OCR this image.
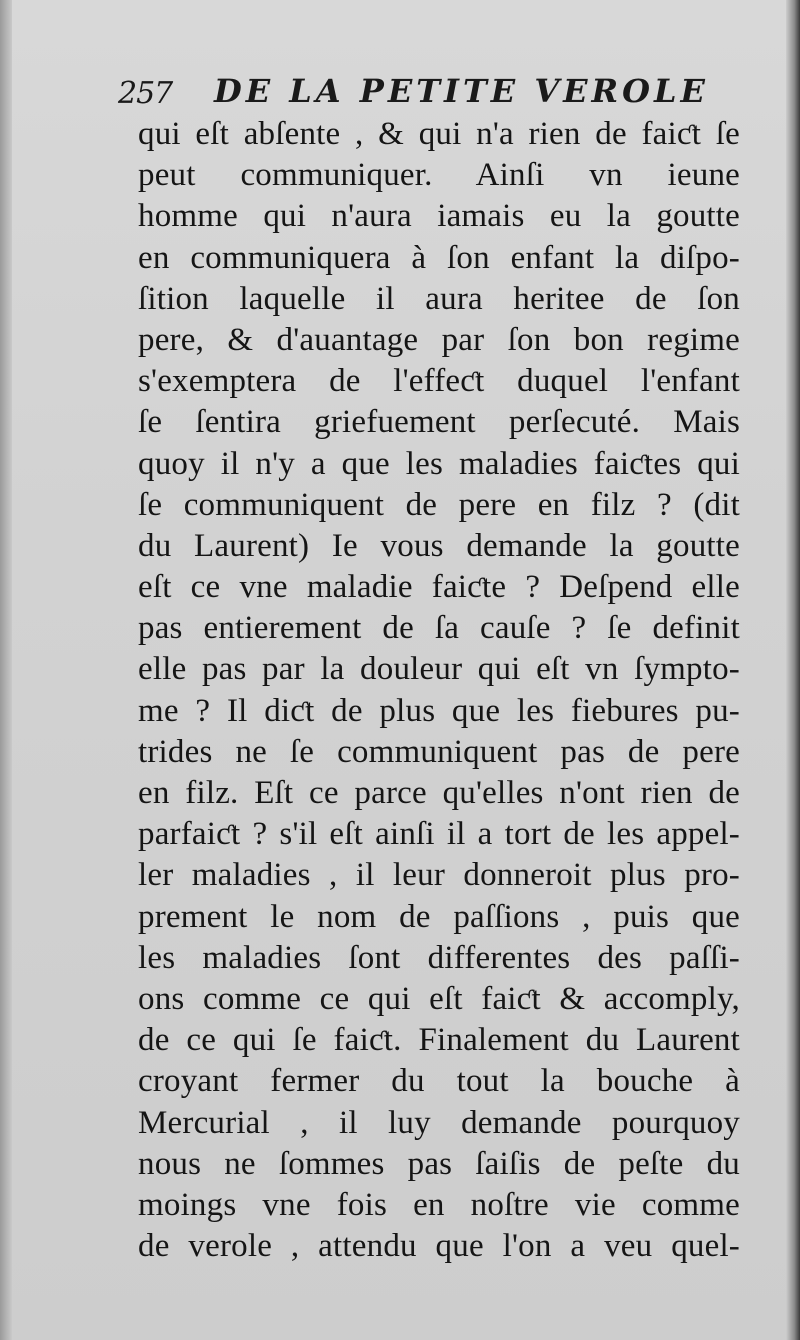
257 DE LA PETITE VEROLE
qui eſt abſente , & qui n'a rien de faiƈt ſe
peut communiquer. Ainſi vn ieune
homme qui n'aura iamais eu la goutte
en communiquera à ſon enfant la diſpo-
ſition laquelle il aura heritee de ſon
pere, & d'auantage par ſon bon regime
s'exemptera de l'effeƈt duquel l'enfant
ſe ſentira griefuement perſecuté. Mais
quoy il n'y a que les maladies faiƈtes qui
ſe communiquent de pere en filz ? (dit
du Laurent) Ie vous demande la goutte
eſt ce vne maladie faiƈte ? Deſpend elle
pas entierement de ſa cauſe ? ſe definit
elle pas par la douleur qui eſt vn ſympto-
me ? Il diƈt de plus que les fiebures pu-
trides ne ſe communiquent pas de pere
en filz. Eſt ce parce qu'elles n'ont rien de
parfaiƈt ? s'il eſt ainſi il a tort de les appel-
ler maladies , il leur donneroit plus pro-
prement le nom de paſſions , puis que
les maladies ſont differentes des paſſi-
ons comme ce qui eſt faiƈt & accomply,
de ce qui ſe faiƈt. Finalement du Laurent
croyant fermer du tout la bouche à
Mercurial , il luy demande pourquoy
nous ne ſommes pas ſaiſis de peſte du
moings vne fois en noſtre vie comme
de verole , attendu que l'on a veu quel-
